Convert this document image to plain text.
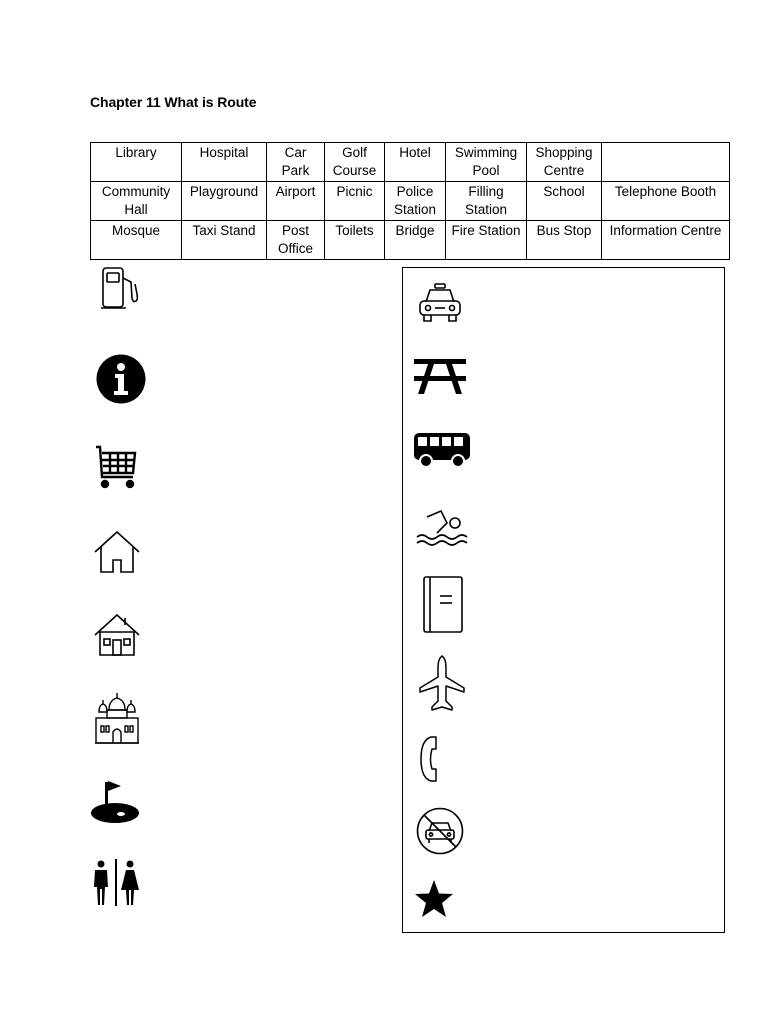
Chapter 11 What is Route
Library	Hospital	Car Park	Golf Course	Hotel	Swimming Pool	Shopping Centre	
Community Hall	Playground	Airport	Picnic	Police Station	Filling Station	School	Telephone Booth
Mosque	Taxi Stand	Post Office	Toilets	Bridge	Fire Station	Bus Stop	Information Centre
